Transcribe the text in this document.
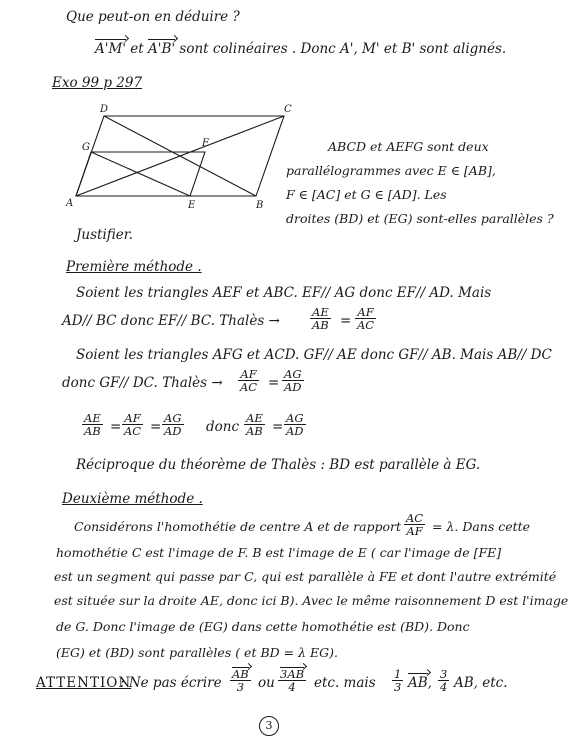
Que peut-on en déduire ?
A'M' et A'B' sont colinéaires . Donc A', M' et B' sont alignés.
Exo 99 p 297
A	B
C
D
E
F
G	ABCD et AEFG sont deux
parallélogrammes avec E ∈ [AB],
F ∈ [AC] et G ∈ [AD]. Les
droites (BD) et (EG) sont-elles parallèles ?
Justifier.
Première méthode .
Soient les triangles AEF et ABC. EF// AG donc EF// AD. Mais
AD// BC donc EF// BC. Thalès →	$\frac{AE}{AB} = \frac{AF}{AC}$
Soient les triangles AFG et ACD. GF// AE donc GF// AB. Mais AB// DC
donc GF// DC. Thalès → $\frac{AF}{AC} = \frac{AG}{AD}$
$\frac{AE}{AB} = \frac{AF}{AC} = \frac{AG}{AD}$ donc $\frac{AE}{AB} = \frac{AG}{AD}$
Réciproque du théorème de Thalès : BD est parallèle à EG.
Deuxième méthode .
Considérons l'homothétie de centre A et de rapport $\frac{AC}{AF} = \lambda$. Dans cette
homothétie C est l'image de F. B est l'image de E ( car l'image de [FE]
est un segment qui passe par C, qui est parallèle à FE et dont l'autre extrémité
est située sur la droite AE, donc ici B). Avec le même raisonnement D est l'image
de G. Donc l'image de (EG) dans cette homothétie est (BD). Donc
(EG) et (BD) sont parallèles ( et BD = λ EG).
ATTENTION
: Ne pas écrire $\frac{AB}{3}$ ou $\frac{3AB}{4}$ etc. mais $\frac{1}{3}$ AB, $\frac{3}{4}$ AB, etc.
3
